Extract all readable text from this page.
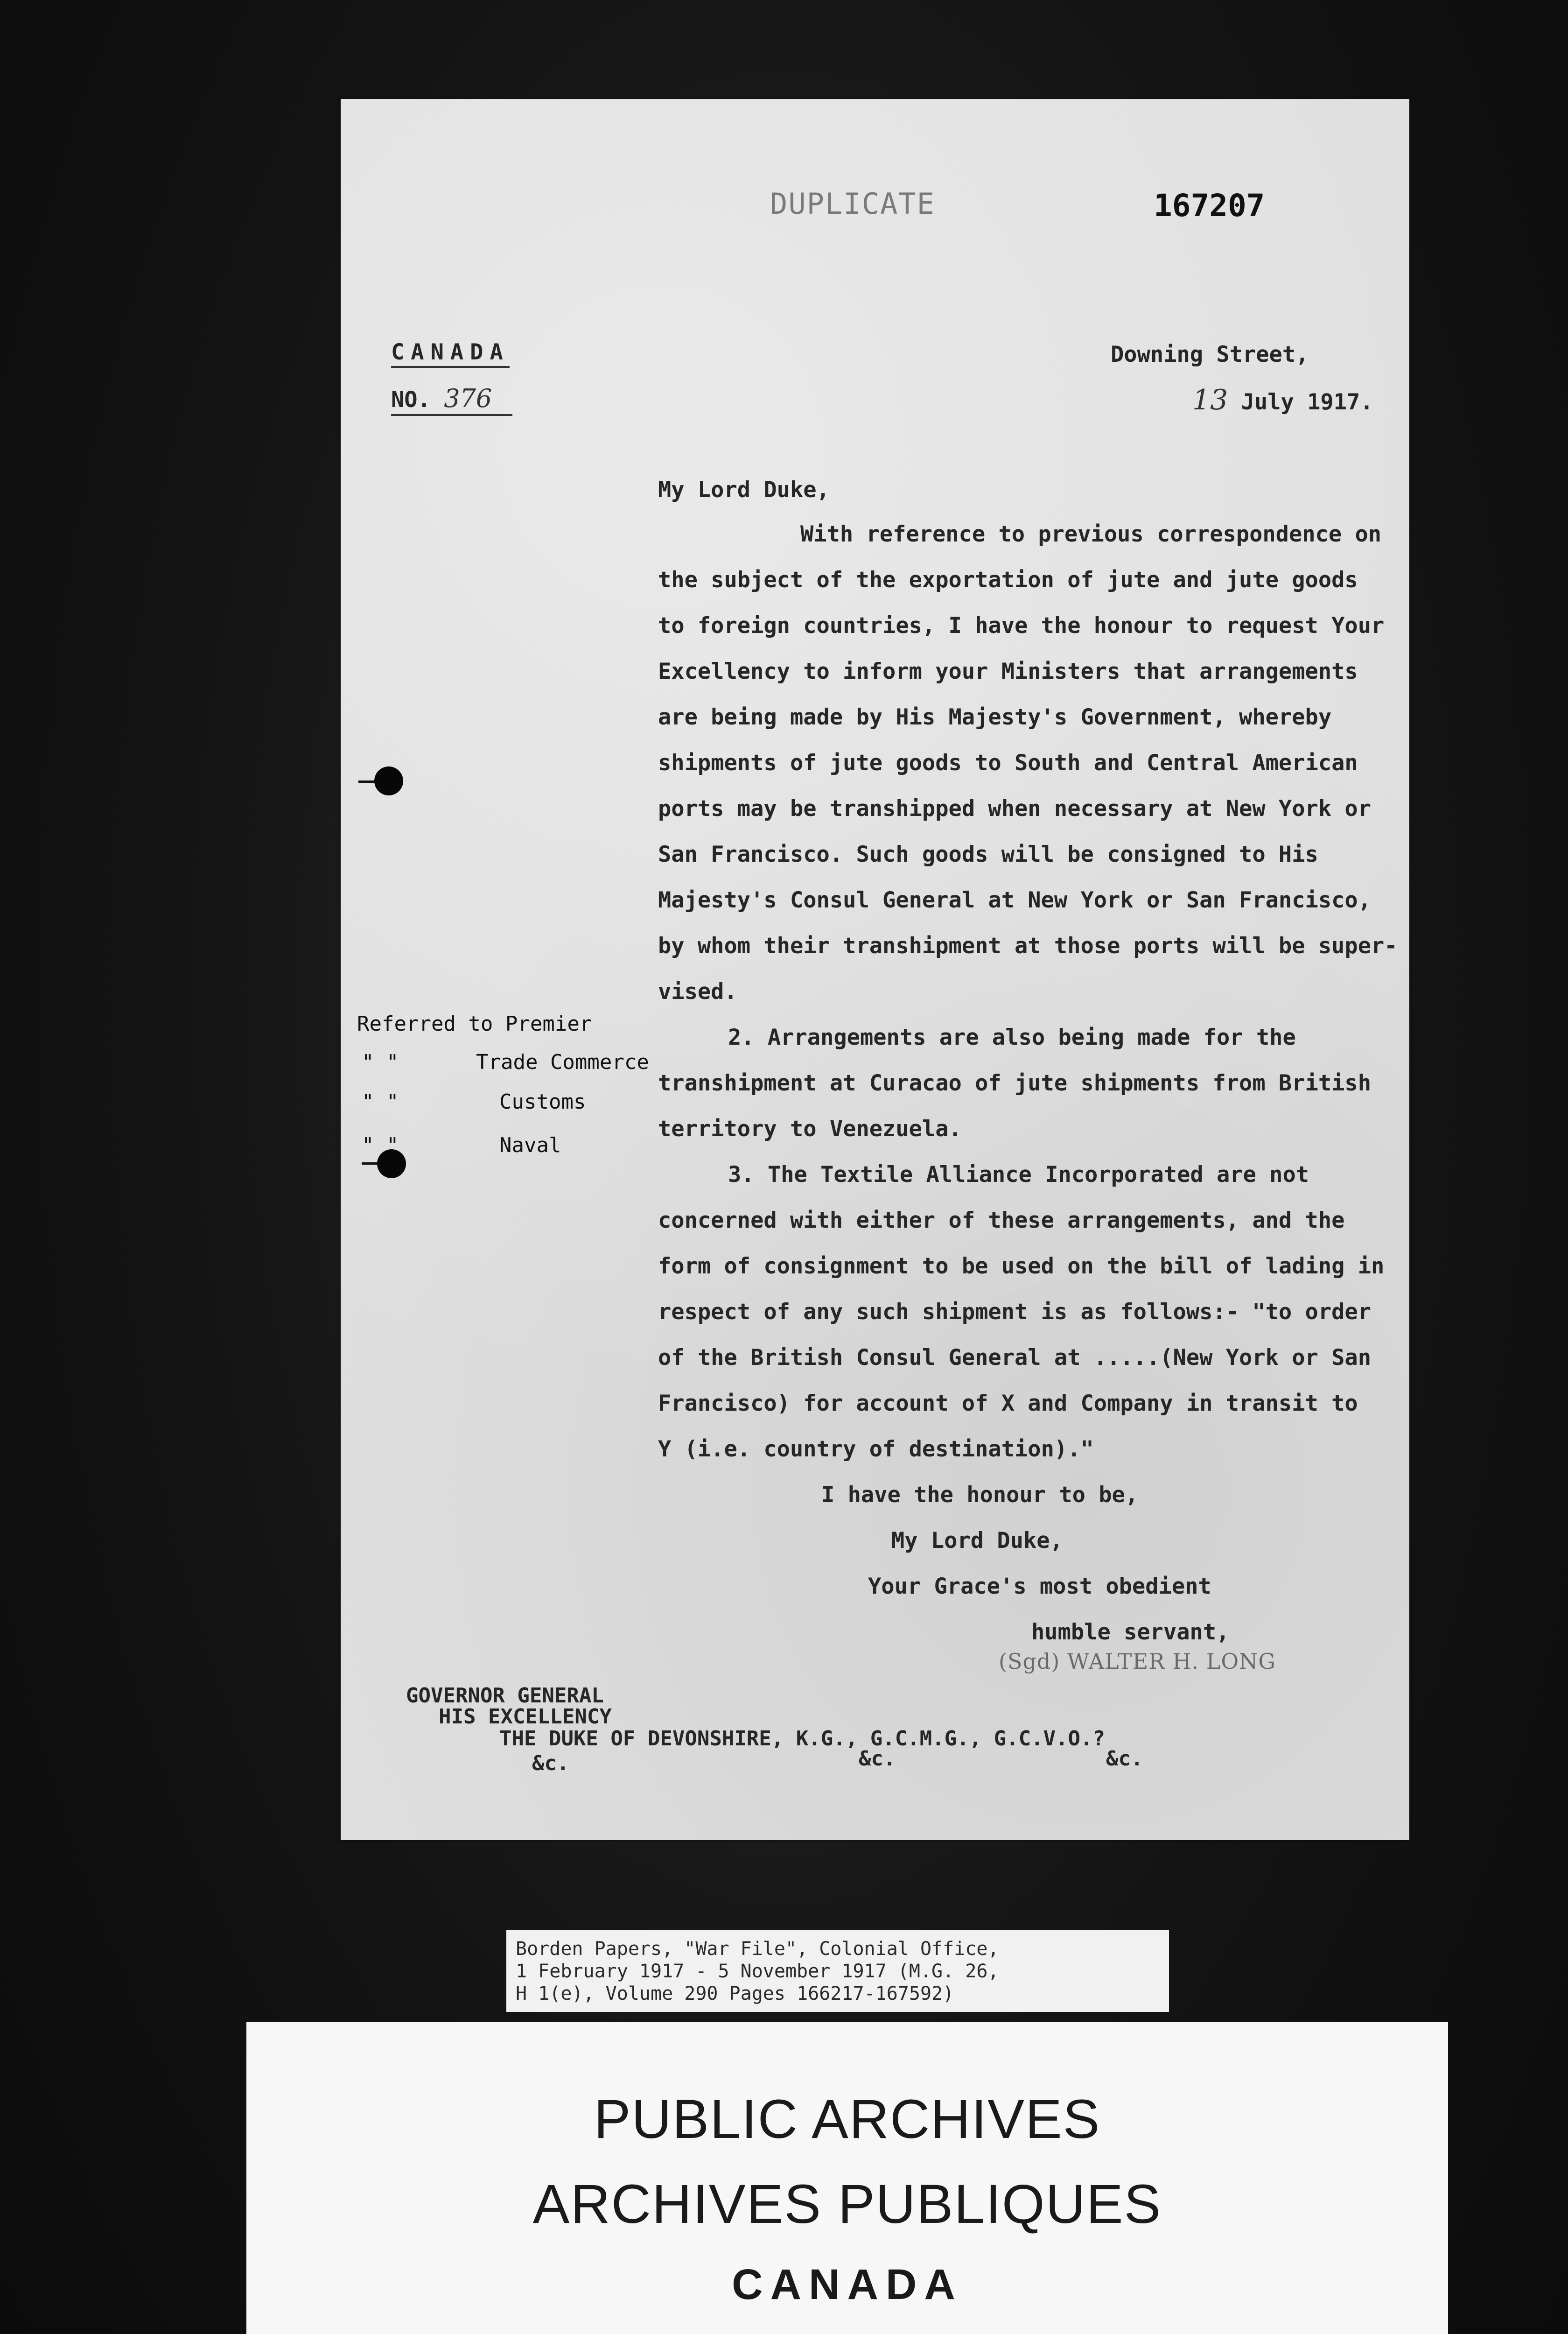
DUPLICATE	167207
CANADA
NO. 376
Downing Street,
13 July 1917.
My Lord Duke,
With reference to previous correspondence on
the subject of the exportation of jute and jute goods
to foreign countries, I have the honour to request Your
Excellency to inform your Ministers that arrangements
are being made by His Majesty's Government, whereby
shipments of jute goods to South and Central American
ports may be transhipped when necessary at New York or
San Francisco. Such goods will be consigned to His
Majesty's Consul General at New York or San Francisco,
by whom their transhipment at those ports will be super-
vised.
2. Arrangements are also being made for the
transhipment at Curacao of jute shipments from British
territory to Venezuela.
3. The Textile Alliance Incorporated are not
concerned with either of these arrangements, and the
form of consignment to be used on the bill of lading in
respect of any such shipment is as follows:- "to order
of the British Consul General at .....(New York or San
Francisco) for account of X and Company in transit to
Y (i.e. country of destination)."
I have the honour to be,
My Lord Duke,
Your Grace's most obedient
humble servant,
(Sgd) WALTER H. LONG
GOVERNOR GENERAL
HIS EXCELLENCY
THE DUKE OF DEVONSHIRE, K.G., G.C.M.G., G.C.V.O.?
&c.	&c.	&c.
Referred to Premier
" "	Trade Commerce
" "	Customs
" "	Naval
Borden Papers, "War File", Colonial Office,
1 February 1917 - 5 November 1917 (M.G. 26,
H 1(e), Volume 290 Pages 166217-167592)
PUBLIC ARCHIVES
ARCHIVES PUBLIQUES
CANADA
